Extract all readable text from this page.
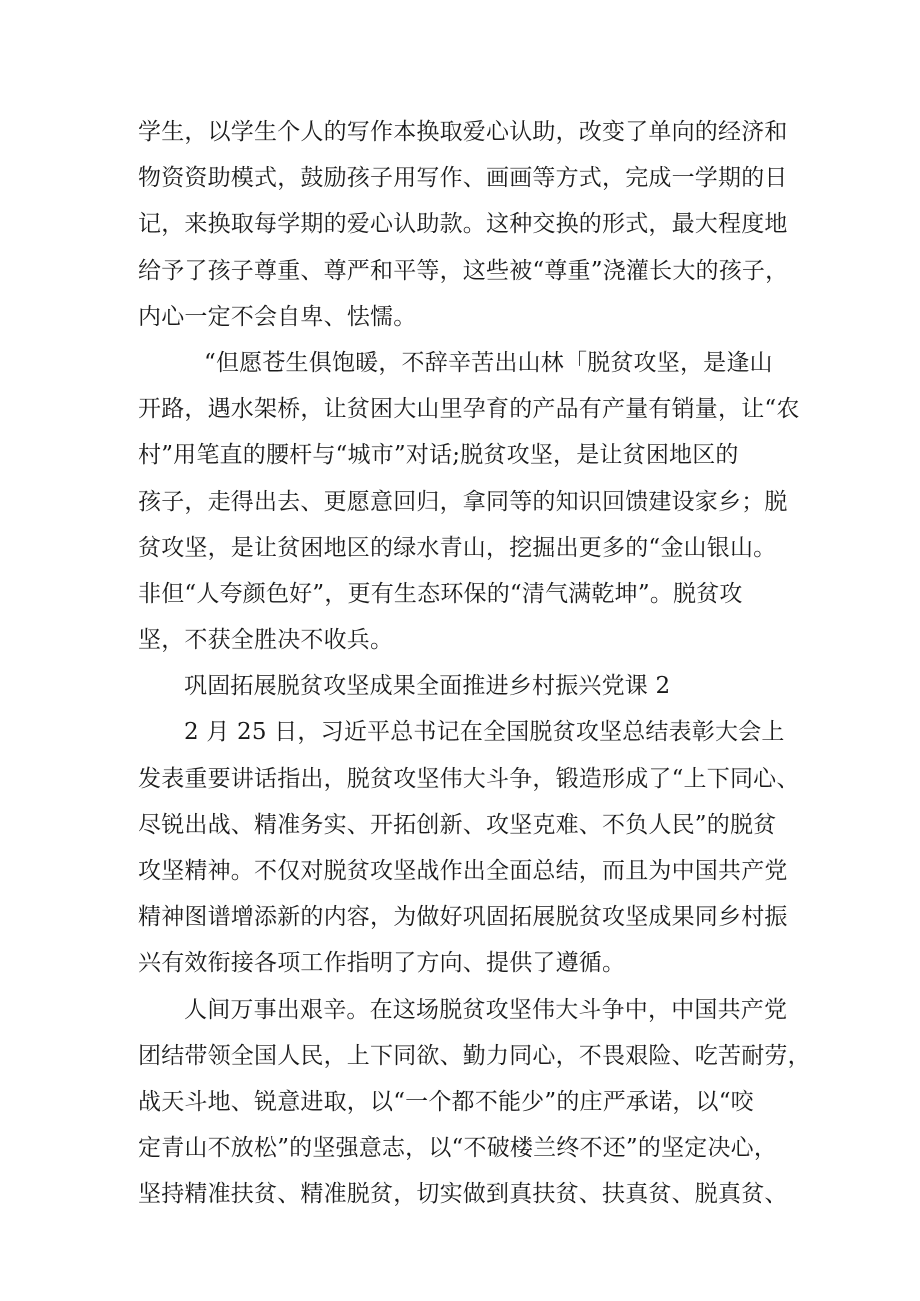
学生，以学生个人的写作本换取爱心认助，改变了单向的经济和
物资资助模式，鼓励孩子用写作、画画等方式，完成一学期的日
记，来换取每学期的爱心认助款。这种交换的形式，最大程度地
给予了孩子尊重、尊严和平等，这些被“尊重”浇灌长大的孩子，
内心一定不会自卑、怯懦。
“但愿苍生俱饱暖，不辞辛苦出山林「脱贫攻坚，是逢山
开路，遇水架桥，让贫困大山里孕育的产品有产量有销量，让“农
村”用笔直的腰杆与“城市”对话;脱贫攻坚，是让贫困地区的
孩子，走得出去、更愿意回归，拿同等的知识回馈建设家乡；脱
贫攻坚，是让贫困地区的绿水青山，挖掘出更多的“金山银山。
非但“人夸颜色好”，更有生态环保的“清气满乾坤”。脱贫攻
坚，不获全胜决不收兵。
巩固拓展脱贫攻坚成果全面推进乡村振兴党课 2
2 月 25 日，习近平总书记在全国脱贫攻坚总结表彰大会上
发表重要讲话指出，脱贫攻坚伟大斗争，锻造形成了“上下同心、
尽锐出战、精准务实、开拓创新、攻坚克难、不负人民”的脱贫
攻坚精神。不仅对脱贫攻坚战作出全面总结，而且为中国共产党
精神图谱增添新的内容，为做好巩固拓展脱贫攻坚成果同乡村振
兴有效衔接各项工作指明了方向、提供了遵循。
人间万事出艰辛。在这场脱贫攻坚伟大斗争中，中国共产党
团结带领全国人民，上下同欲、勤力同心，不畏艰险、吃苦耐劳，
战天斗地、锐意进取，以“一个都不能少”的庄严承诺，以“咬
定青山不放松”的坚强意志，以“不破楼兰终不还”的坚定决心，
坚持精准扶贫、精准脱贫，切实做到真扶贫、扶真贫、脱真贫、
